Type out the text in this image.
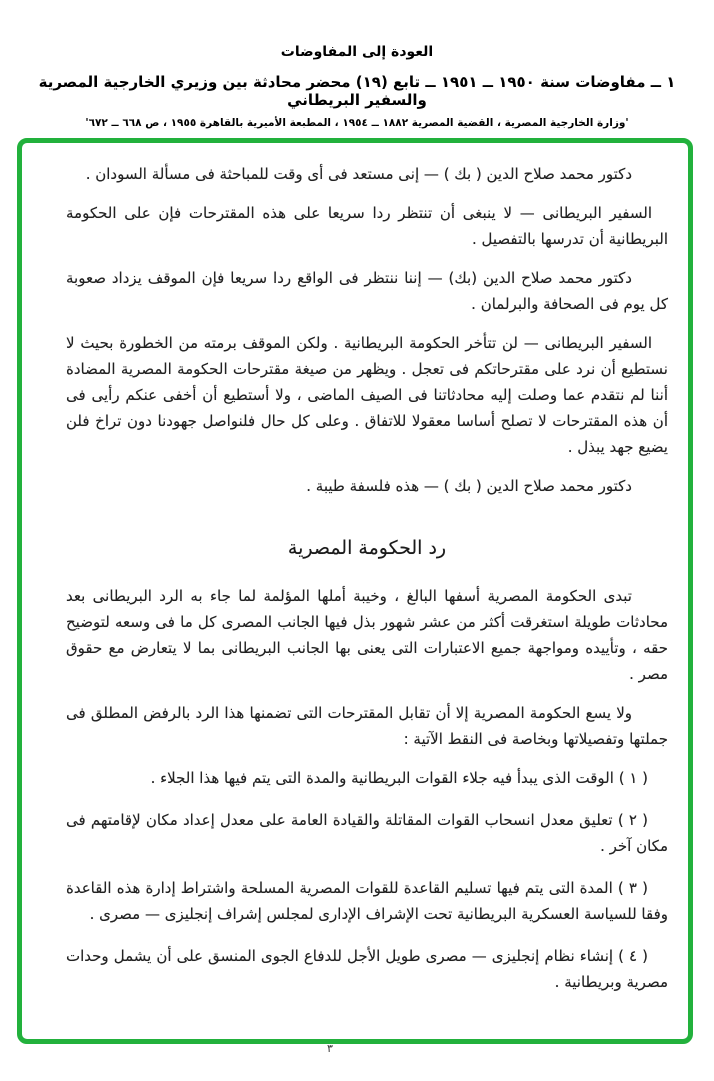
العودة إلى المفاوضات
١ ــ مفاوضات سنة ١٩٥٠ ــ ١٩٥١ ــ تابع (١٩) محضر محادثة بين وزيري الخارجية المصرية والسفير البريطاني
'وزارة الخارجية المصرية ، القضية المصرية ١٨٨٢ ــ ١٩٥٤ ، المطبعة الأميرية بالقاهرة ١٩٥٥ ، ص ٦٦٨ ــ ٦٧٢'

دكتور محمد صلاح الدين ( بك ) — إنى مستعد فى أى وقت للمباحثة فى مسألة السودان .

السفير البريطانى — لا ينبغى أن تنتظر ردا سريعا على هذه المقترحات فإن على الحكومة البريطانية أن تدرسها بالتفصيل .

دكتور محمد صلاح الدين (بك) — إننا ننتظر فى الواقع ردا سريعا فإن الموقف يزداد صعوبة كل يوم فى الصحافة والبرلمان .

السفير البريطانى — لن تتأخر الحكومة البريطانية . ولكن الموقف برمته من الخطورة بحيث لا نستطيع أن نرد على مقترحاتكم فى تعجل . ويظهر من صيغة مقترحات الحكومة المصرية المضادة أننا لم نتقدم عما وصلت إليه محادثاتنا فى الصيف الماضى ، ولا أستطيع أن أخفى عنكم رأيى فى أن هذه المقترحات لا تصلح أساسا معقولا للاتفاق . وعلى كل حال فلنواصل جهودنا دون تراخ فلن يضيع جهد يبذل .

دكتور محمد صلاح الدين ( بك ) — هذه فلسفة طيبة .

رد الحكومة المصرية

تبدى الحكومة المصرية أسفها البالغ ، وخيبة أملها المؤلمة لما جاء به الرد البريطانى بعد محادثات طويلة استغرقت أكثر من عشر شهور بذل فيها الجانب المصرى كل ما فى وسعه لتوضيح حقه ، وتأييده ومواجهة جميع الاعتبارات التى يعنى بها الجانب البريطانى بما لا يتعارض مع حقوق مصر .

ولا يسع الحكومة المصرية إلا أن تقابل المقترحات التى تضمنها هذا الرد بالرفض المطلق فى جملتها وتفصيلاتها وبخاصة فى النقط الآتية :

( ١ ) الوقت الذى يبدأ فيه جلاء القوات البريطانية والمدة التى يتم فيها هذا الجلاء .

( ٢ ) تعليق معدل انسحاب القوات المقاتلة والقيادة العامة على معدل إعداد مكان لإقامتهم فى مكان آخر .

( ٣ ) المدة التى يتم فيها تسليم القاعدة للقوات المصرية المسلحة واشتراط إدارة هذه القاعدة وفقا للسياسة العسكرية البريطانية تحت الإشراف الإدارى لمجلس إشراف إنجليزى — مصرى .

( ٤ ) إنشاء نظام إنجليزى — مصرى طويل الأجل للدفاع الجوى المنسق على أن يشمل وحدات مصرية وبريطانية .

٣
